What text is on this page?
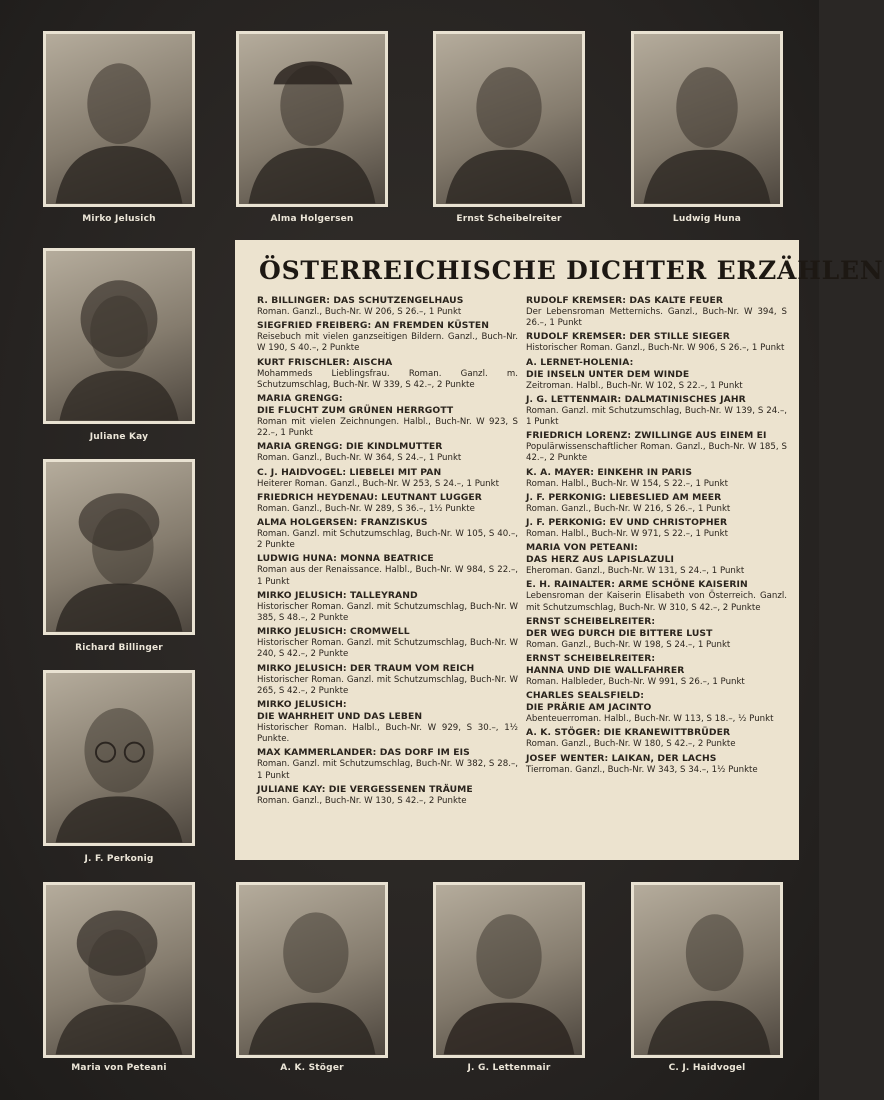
Mirko Jelusich	Alma Holgersen	Ernst Scheibelreiter	Ludwig Huna
Juliane Kay
Richard Billinger
J. F. Perkonig
Maria von Peteani	A. K. Stöger	J. G. Lettenmair	C. J. Haidvogel
ÖSTERREICHISCHE DICHTER ERZÄHLEN
R. BILLINGER: DAS SCHUTZENGELHAUS
Roman. Ganzl., Buch-Nr. W 206, S 26.–, 1 Punkt
SIEGFRIED FREIBERG: AN FREMDEN KÜSTEN
Reisebuch mit vielen ganzseitigen Bildern. Ganzl., Buch-Nr. W 190, S 40.–, 2 Punkte
KURT FRISCHLER: AISCHA
Mohammeds Lieblingsfrau. Roman. Ganzl. m. Schutzumschlag, Buch-Nr. W 339, S 42.–, 2 Punkte
MARIA GRENGG:
DIE FLUCHT ZUM GRÜNEN HERRGOTT
Roman mit vielen Zeichnungen. Halbl., Buch-Nr. W 923, S 22.–, 1 Punkt
MARIA GRENGG: DIE KINDLMUTTER
Roman. Ganzl., Buch-Nr. W 364, S 24.–, 1 Punkt
C. J. HAIDVOGEL: LIEBELEI MIT PAN
Heiterer Roman. Ganzl., Buch-Nr. W 253, S 24.–, 1 Punkt
FRIEDRICH HEYDENAU: LEUTNANT LUGGER
Roman. Ganzl., Buch-Nr. W 289, S 36.–, 1½ Punkte
ALMA HOLGERSEN: FRANZISKUS
Roman. Ganzl. mit Schutzumschlag, Buch-Nr. W 105, S 40.–, 2 Punkte
LUDWIG HUNA: MONNA BEATRICE
Roman aus der Renaissance. Halbl., Buch-Nr. W 984, S 22.–, 1 Punkt
MIRKO JELUSICH: TALLEYRAND
Historischer Roman. Ganzl. mit Schutzumschlag, Buch-Nr. W 385, S 48.–, 2 Punkte
MIRKO JELUSICH: CROMWELL
Historischer Roman. Ganzl. mit Schutzumschlag, Buch-Nr. W 240, S 42.–, 2 Punkte
MIRKO JELUSICH: DER TRAUM VOM REICH
Historischer Roman. Ganzl. mit Schutzumschlag, Buch-Nr. W 265, S 42.–, 2 Punkte
MIRKO JELUSICH:
DIE WAHRHEIT UND DAS LEBEN
Historischer Roman. Halbl., Buch-Nr. W 929, S 30.–, 1½ Punkte.
MAX KAMMERLANDER: DAS DORF IM EIS
Roman. Ganzl. mit Schutzumschlag, Buch-Nr. W 382, S 28.–, 1 Punkt
JULIANE KAY: DIE VERGESSENEN TRÄUME
Roman. Ganzl., Buch-Nr. W 130, S 42.–, 2 Punkte
RUDOLF KREMSER: DAS KALTE FEUER
Der Lebensroman Metternichs. Ganzl., Buch-Nr. W 394, S 26.–, 1 Punkt
RUDOLF KREMSER: DER STILLE SIEGER
Historischer Roman. Ganzl., Buch-Nr. W 906, S 26.–, 1 Punkt
A. LERNET-HOLENIA:
DIE INSELN UNTER DEM WINDE
Zeitroman. Halbl., Buch-Nr. W 102, S 22.–, 1 Punkt
J. G. LETTENMAIR: DALMATINISCHES JAHR
Roman. Ganzl. mit Schutzumschlag, Buch-Nr. W 139, S 24.–, 1 Punkt
FRIEDRICH LORENZ: ZWILLINGE AUS EINEM EI
Populärwissenschaftlicher Roman. Ganzl., Buch-Nr. W 185, S 42.–, 2 Punkte
K. A. MAYER: EINKEHR IN PARIS
Roman. Halbl., Buch-Nr. W 154, S 22.–, 1 Punkt
J. F. PERKONIG: LIEBESLIED AM MEER
Roman. Ganzl., Buch-Nr. W 216, S 26.–, 1 Punkt
J. F. PERKONIG: EV UND CHRISTOPHER
Roman. Halbl., Buch-Nr. W 971, S 22.–, 1 Punkt
MARIA VON PETEANI:
DAS HERZ AUS LAPISLAZULI
Eheroman. Ganzl., Buch-Nr. W 131, S 24.–, 1 Punkt
E. H. RAINALTER: ARME SCHÖNE KAISERIN
Lebensroman der Kaiserin Elisabeth von Österreich. Ganzl. mit Schutzumschlag, Buch-Nr. W 310, S 42.–, 2 Punkte
ERNST SCHEIBELREITER:
DER WEG DURCH DIE BITTERE LUST
Roman. Ganzl., Buch-Nr. W 198, S 24.–, 1 Punkt
ERNST SCHEIBELREITER:
HANNA UND DIE WALLFAHRER
Roman. Halbleder, Buch-Nr. W 991, S 26.–, 1 Punkt
CHARLES SEALSFIELD:
DIE PRÄRIE AM JACINTO
Abenteuerroman. Halbl., Buch-Nr. W 113, S 18.–, ½ Punkt
A. K. STÖGER: DIE KRANEWITTBRÜDER
Roman. Ganzl., Buch-Nr. W 180, S 42.–, 2 Punkte
JOSEF WENTER: LAIKAN, DER LACHS
Tierroman. Ganzl., Buch-Nr. W 343, S 34.–, 1½ Punkte
